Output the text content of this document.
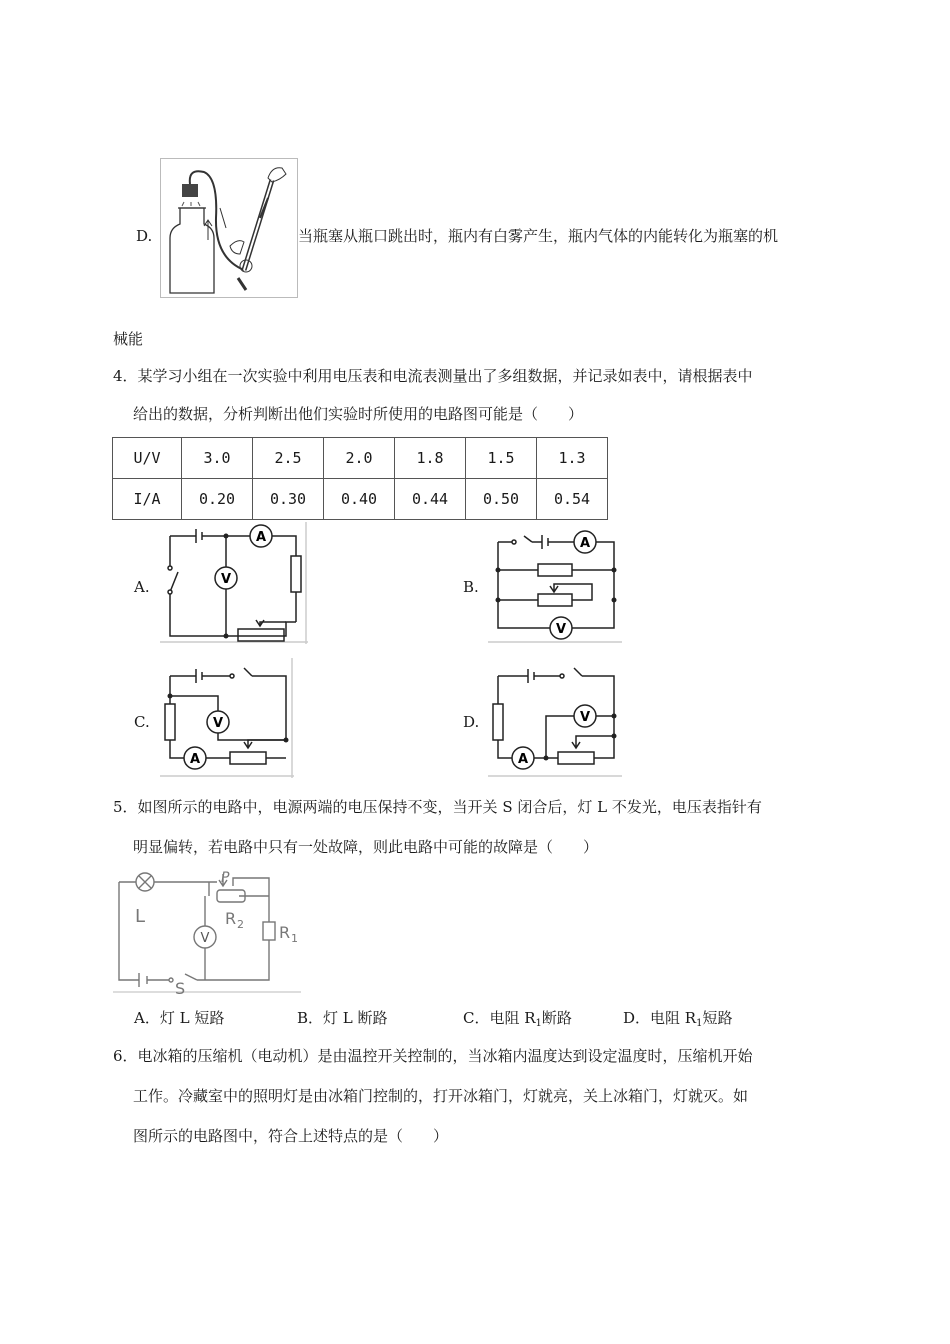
D.	当瓶塞从瓶口跳出时，瓶内有白雾产生，瓶内气体的内能转化为瓶塞的机
械能
4．某学习小组在一次实验中利用电压表和电流表测量出了多组数据，并记录如表中，请根据表中
给出的数据，分析判断出他们实验时所使用的电路图可能是（　　）
U/V	3.0	2.5	2.0	1.8	1.5	1.3
I/A	0.20	0.30	0.40	0.44	0.50	0.54
A.	B.
C.	D.
A
V
A
V
V
A
V
A
5．如图所示的电路中，电源两端的电压保持不变，当开关 S 闭合后，灯 L 不发光，电压表指针有
明显偏转，若电路中只有一处故障，则此电路中可能的故障是（　　）
V
L
P
R 2 R 1
S
A．灯 L 短路	B．灯 L 断路	C．电阻 $R_1$断路	D．电阻 $R_1$短路
6．电冰箱的压缩机（电动机）是由温控开关控制的，当冰箱内温度达到设定温度时，压缩机开始
工作。冷藏室中的照明灯是由冰箱门控制的，打开冰箱门，灯就亮，关上冰箱门，灯就灭。如
图所示的电路图中，符合上述特点的是（　　）
